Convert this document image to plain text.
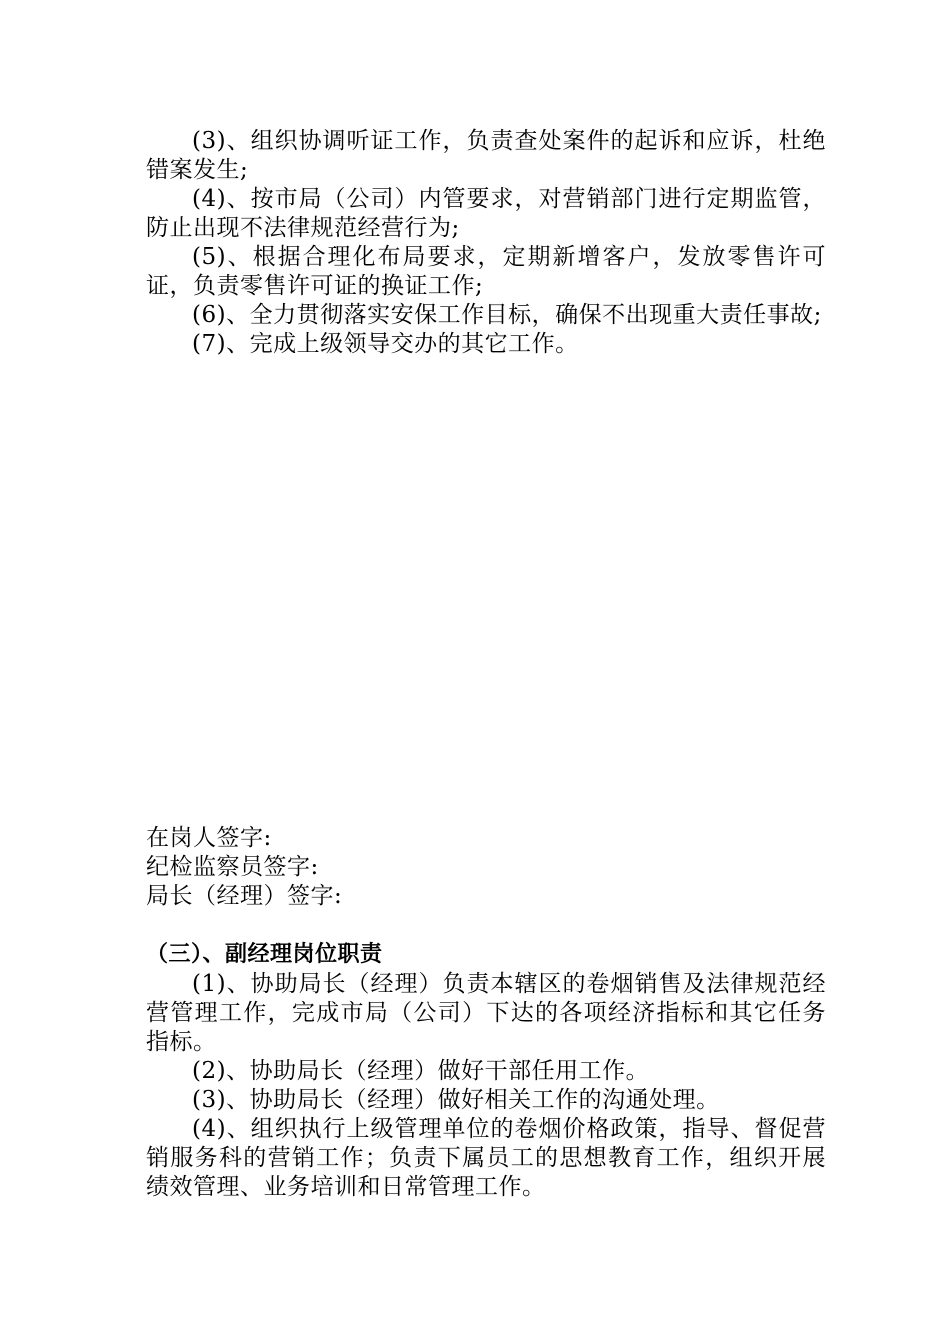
(3)、组织协调听证工作，负责查处案件的起诉和应诉，杜绝错案发生;

(4)、按市局（公司）内管要求，对营销部门进行定期监管，防止出现不法律规范经营行为;

(5)、根据合理化布局要求，定期新增客户，发放零售许可证，负责零售许可证的换证工作;

(6)、全力贯彻落实安保工作目标，确保不出现重大责任事故;

(7)、完成上级领导交办的其它工作。

在岗人签字:

纪检监察员签字:

局长（经理）签字:

（三）、副经理岗位职责

(1)、协助局长（经理）负责本辖区的卷烟销售及法律规范经营管理工作，完成市局（公司）下达的各项经济指标和其它任务指标。

(2)、协助局长（经理）做好干部任用工作。

(3)、协助局长（经理）做好相关工作的沟通处理。

(4)、组织执行上级管理单位的卷烟价格政策，指导、督促营销服务科的营销工作；负责下属员工的思想教育工作，组织开展绩效管理、业务培训和日常管理工作。
